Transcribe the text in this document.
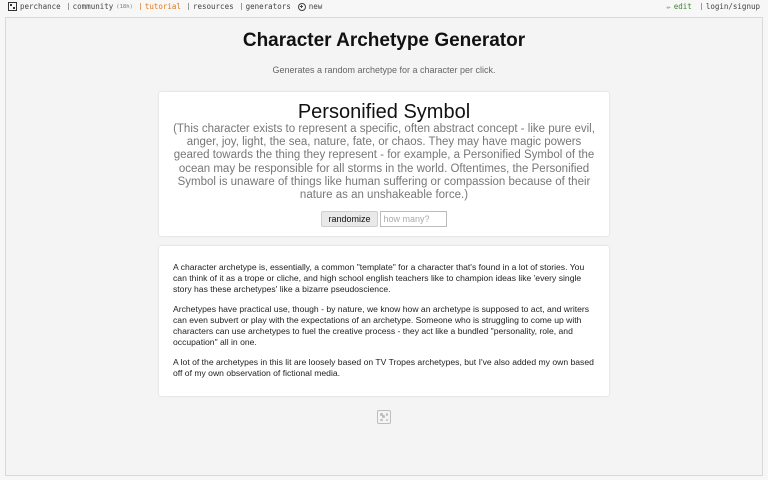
perchance community (18h) tutorial resources generators new	✏ edit login/signup
Character Archetype Generator
Generates a random archetype for a character per click.
Personified Symbol
(This character exists to represent a specific, often abstract concept - like pure evil, anger, joy, light, the sea, nature, fate, or chaos. They may have magic powers geared towards the thing they represent - for example, a Personified Symbol of the ocean may be responsible for all storms in the world. Oftentimes, the Personified Symbol is unaware of things like human suffering or compassion because of their nature as an unshakeable force.)
randomize
how many?

A character archetype is, essentially, a common "template" for a character that's found in a lot of stories. You can think of it as a trope or cliche, and high school english teachers like to champion ideas like 'every single story has these archetypes' like a bizarre pseudoscience.

Archetypes have practical use, though - by nature, we know how an archetype is supposed to act, and writers can even subvert or play with the expectations of an archetype. Someone who is struggling to come up with characters can use archetypes to fuel the creative process - they act like a bundled "personality, role, and occupation" all in one.

A lot of the archetypes in this lit are loosely based on TV Tropes archetypes, but I've also added my own based off of my own observation of fictional media.
